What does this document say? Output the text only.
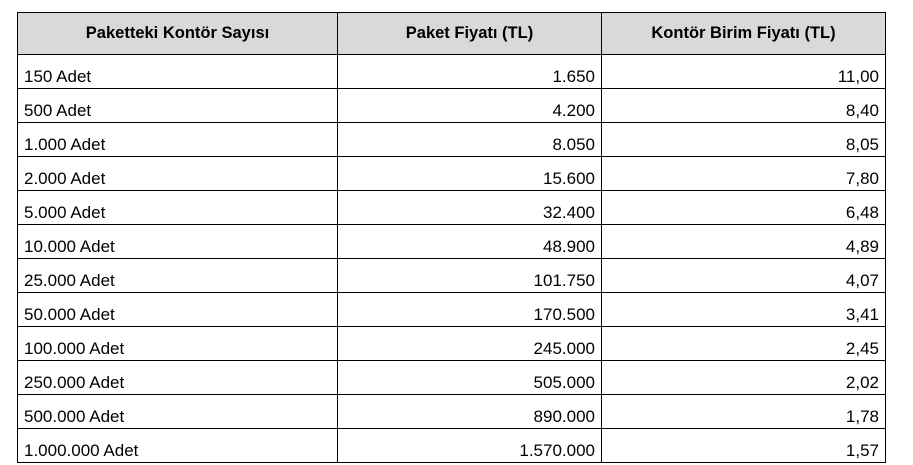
Paketteki Kontör Sayısı	Paket Fiyatı (TL)	Kontör Birim Fiyatı (TL)
150 Adet	1.650	11,00
500 Adet	4.200	8,40
1.000 Adet	8.050	8,05
2.000 Adet	15.600	7,80
5.000 Adet	32.400	6,48
10.000 Adet	48.900	4,89
25.000 Adet	101.750	4,07
50.000 Adet	170.500	3,41
100.000 Adet	245.000	2,45
250.000 Adet	505.000	2,02
500.000 Adet	890.000	1,78
1.000.000 Adet	1.570.000	1,57
